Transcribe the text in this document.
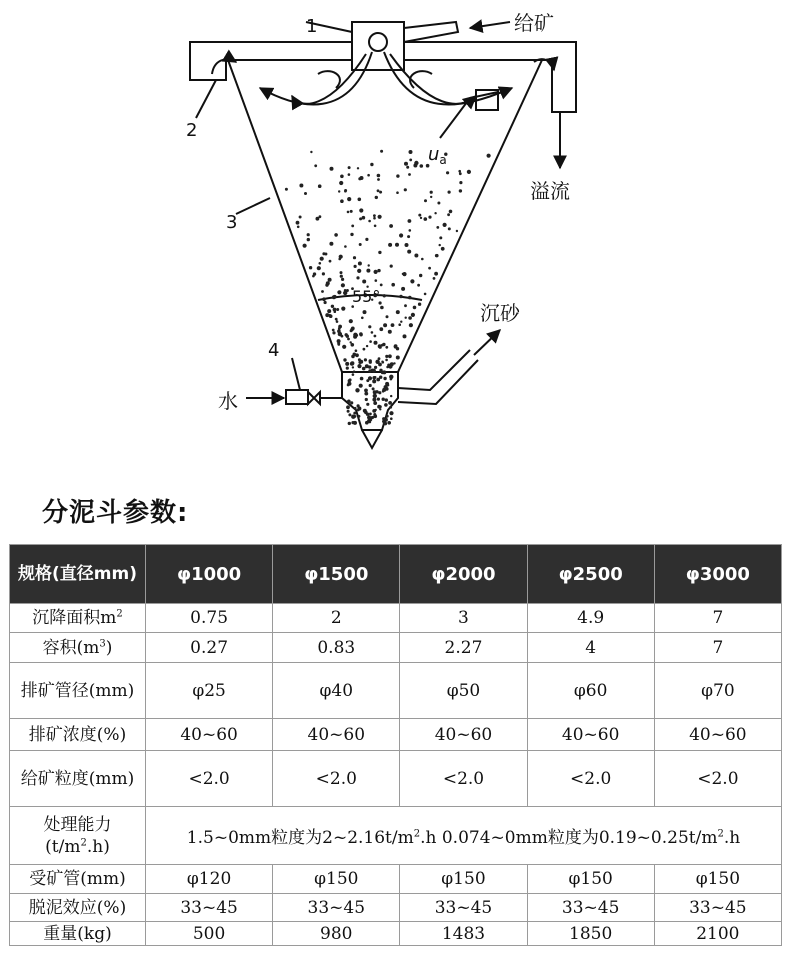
1
2
3
4
给矿
溢流
沉砂
水
$u_a$
55°
分泥斗参数:
规格(直径mm)	φ1000	φ1500	φ2000	φ2500	φ3000
沉降面积$m^2$	0.75	2	3	4.9	7
容积$(m^3)$	0.27	0.83	2.27	4	7
排矿管径(mm)	φ25	φ40	φ50	φ60	φ70
排矿浓度(%)	40~60	40~60	40~60	40~60	40~60
给矿粒度(mm)	<2.0	<2.0	<2.0	<2.0	<2.0
处理能力$(t/m^2.h)$	1.5~0mm粒度为$2\sim 2.16t/m^2.h$ 0.074~0mm粒度为$0.19\sim 0.25t/m^2.h$				
受矿管(mm)	φ120	φ150	φ150	φ150	φ150
脱泥效应(%)	33~45	33~45	33~45	33~45	33~45
重量(kg)	500	980	1483	1850	2100
